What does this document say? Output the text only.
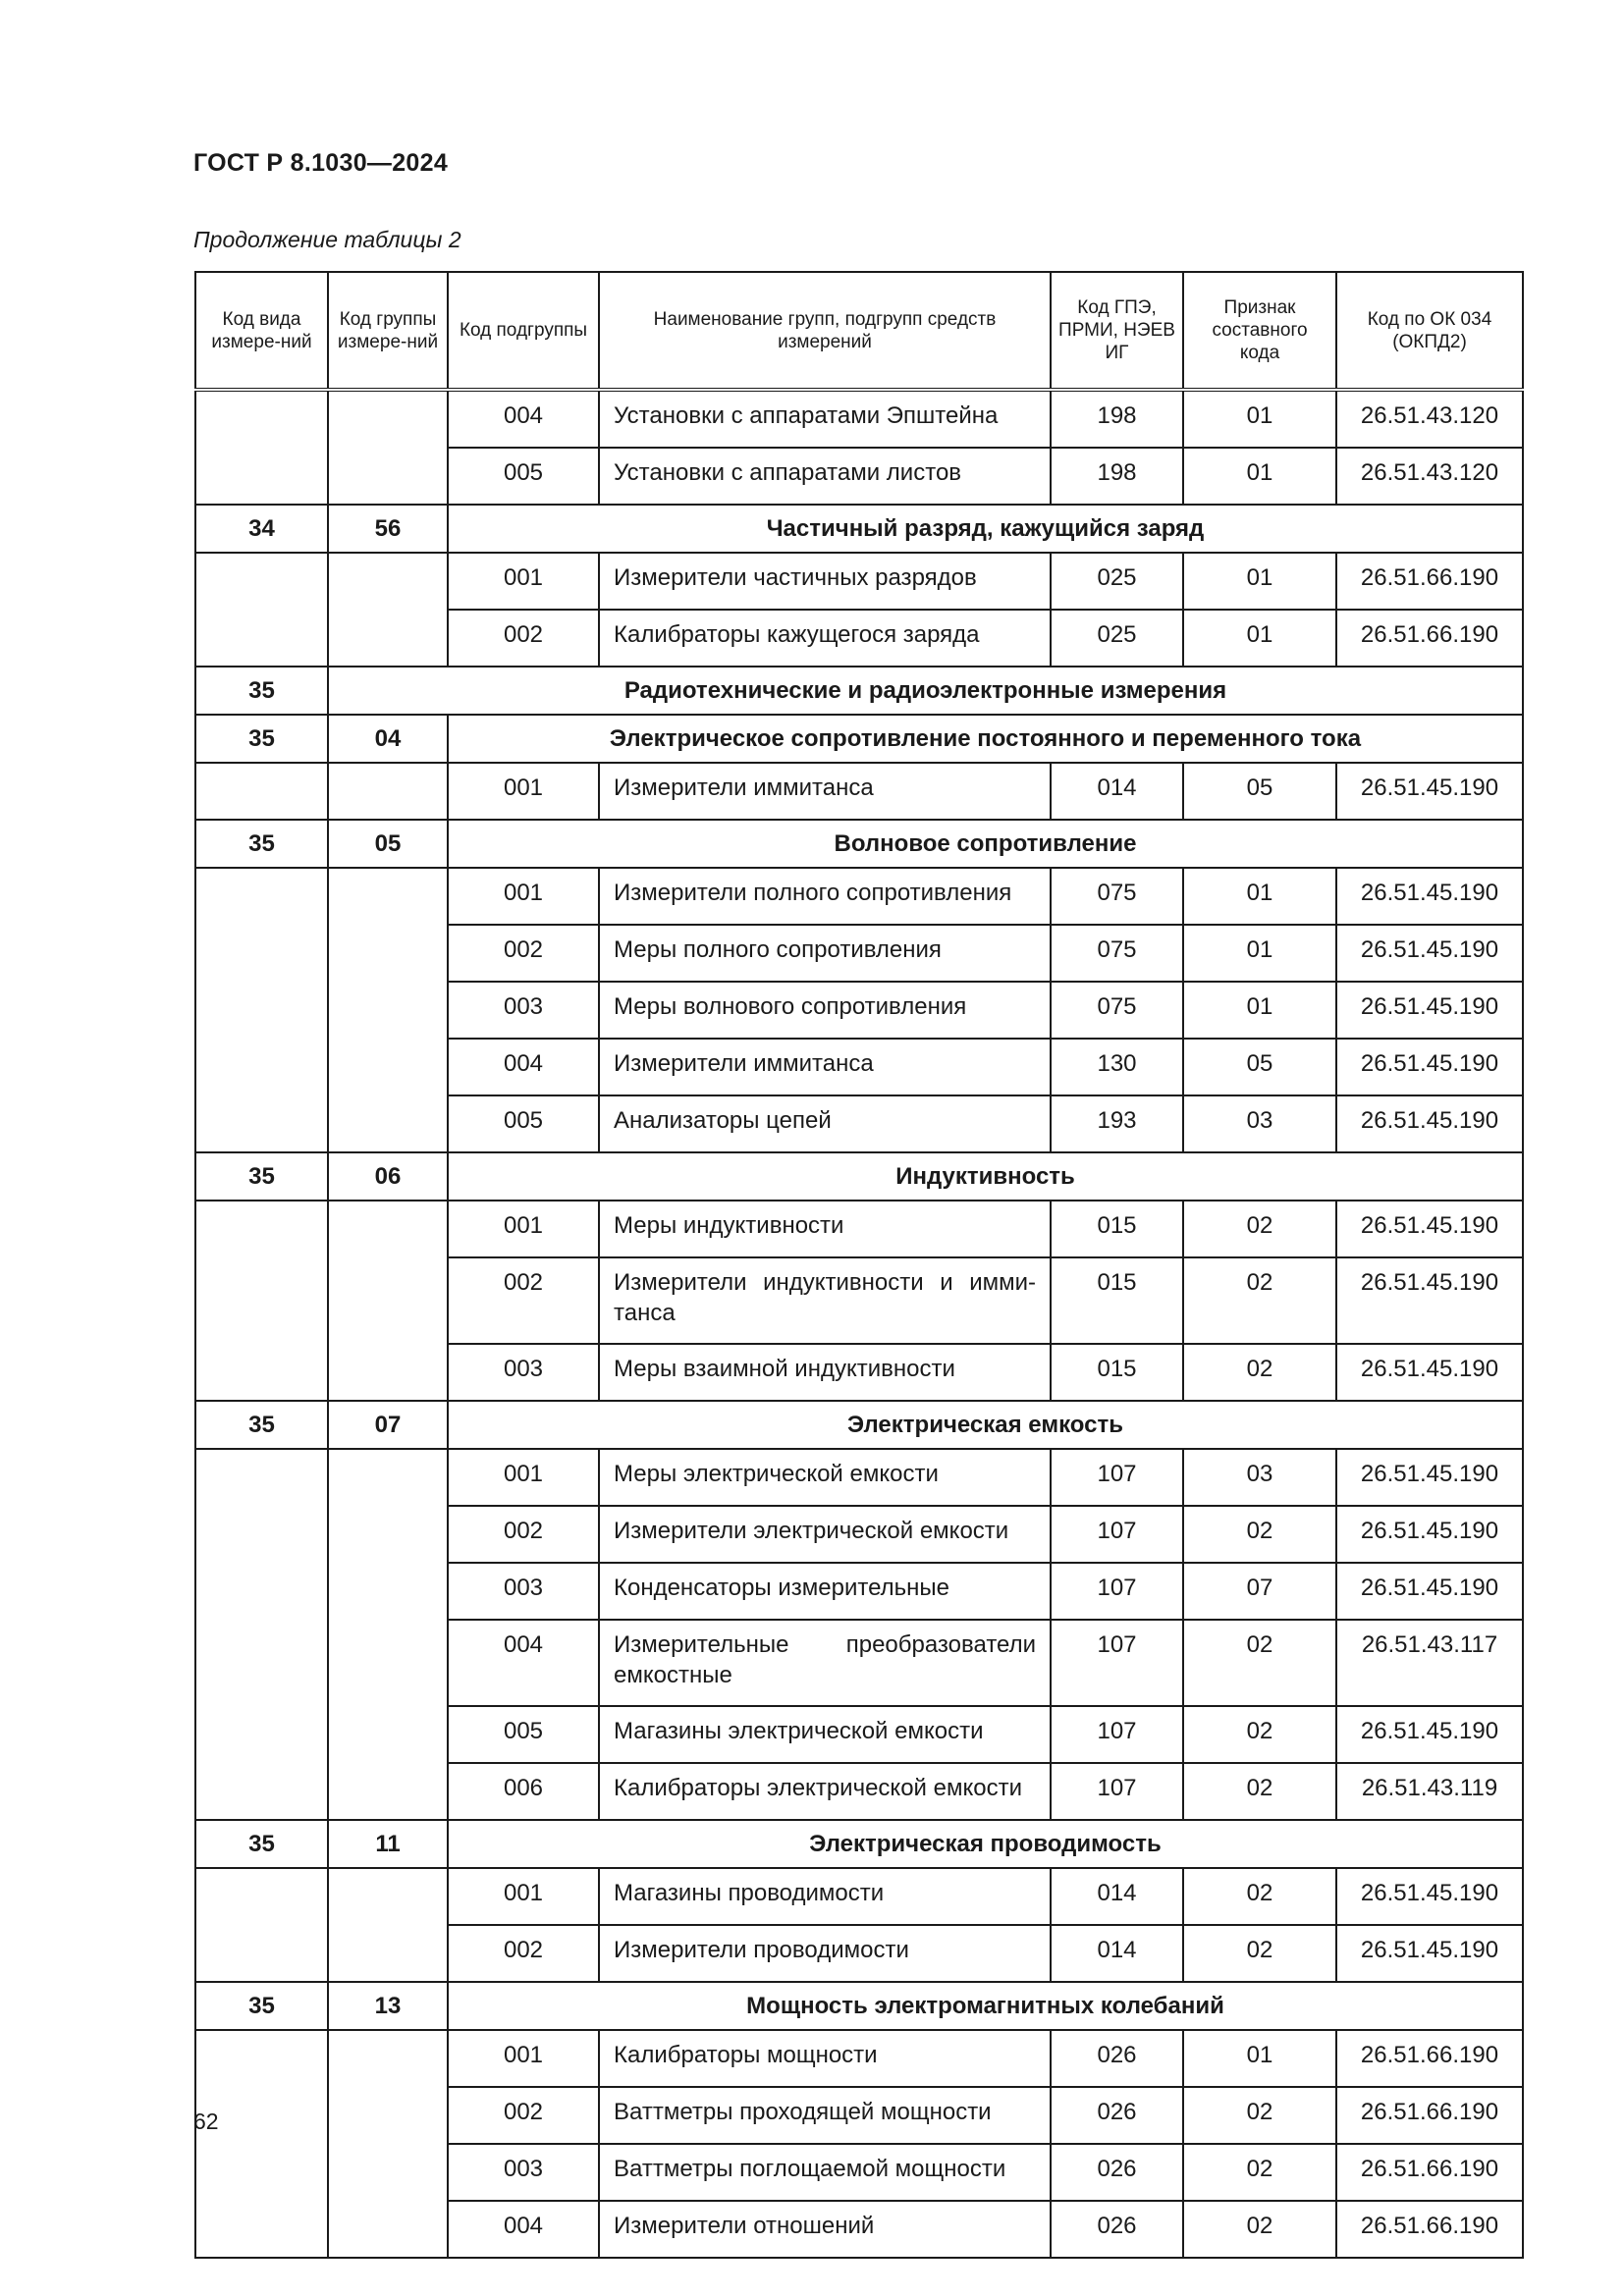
ГОСТ Р 8.1030—2024
Продолжение таблицы 2
Код вида измере-ний	Код группы измере-ний	Код подгруппы	Наименование групп, подгрупп средств измерений	Код ГПЭ, ПРМИ, НЭЕВ ИГ	Признак составного кода	Код по ОК 034 (ОКПД2)
		004	Установки с аппаратами Эпштейна	198	01	26.51.43.120
		005	Установки с аппаратами листов	198	01	26.51.43.120
34	56	Частичный разряд, кажущийся заряд				
		001	Измерители частичных разрядов	025	01	26.51.66.190
		002	Калибраторы кажущегося заряда	025	01	26.51.66.190
35	Радиотехнические и радиоэлектронные измерения					
35	04	Электрическое сопротивление постоянного и переменного тока				
		001	Измерители иммитанса	014	05	26.51.45.190
35	05	Волновое сопротивление				
		001	Измерители полного сопротивления	075	01	26.51.45.190
		002	Меры полного сопротивления	075	01	26.51.45.190
		003	Меры волнового сопротивления	075	01	26.51.45.190
		004	Измерители иммитанса	130	05	26.51.45.190
		005	Анализаторы цепей	193	03	26.51.45.190
35	06	Индуктивность				
		001	Меры индуктивности	015	02	26.51.45.190
		002	Измерители индуктивности и имми-танса	015	02	26.51.45.190
		003	Меры взаимной индуктивности	015	02	26.51.45.190
35	07	Электрическая емкость				
		001	Меры электрической емкости	107	03	26.51.45.190
		002	Измерители электрической емкости	107	02	26.51.45.190
		003	Конденсаторы измерительные	107	07	26.51.45.190
		004	Измерительные преобразователи емкостные	107	02	26.51.43.117
		005	Магазины электрической емкости	107	02	26.51.45.190
		006	Калибраторы электрической емкости	107	02	26.51.43.119
35	11	Электрическая проводимость				
		001	Магазины проводимости	014	02	26.51.45.190
		002	Измерители проводимости	014	02	26.51.45.190
35	13	Мощность электромагнитных колебаний				
		001	Калибраторы мощности	026	01	26.51.66.190
		002	Ваттметры проходящей мощности	026	02	26.51.66.190
		003	Ваттметры поглощаемой мощности	026	02	26.51.66.190
		004	Измерители отношений	026	02	26.51.66.190
62
